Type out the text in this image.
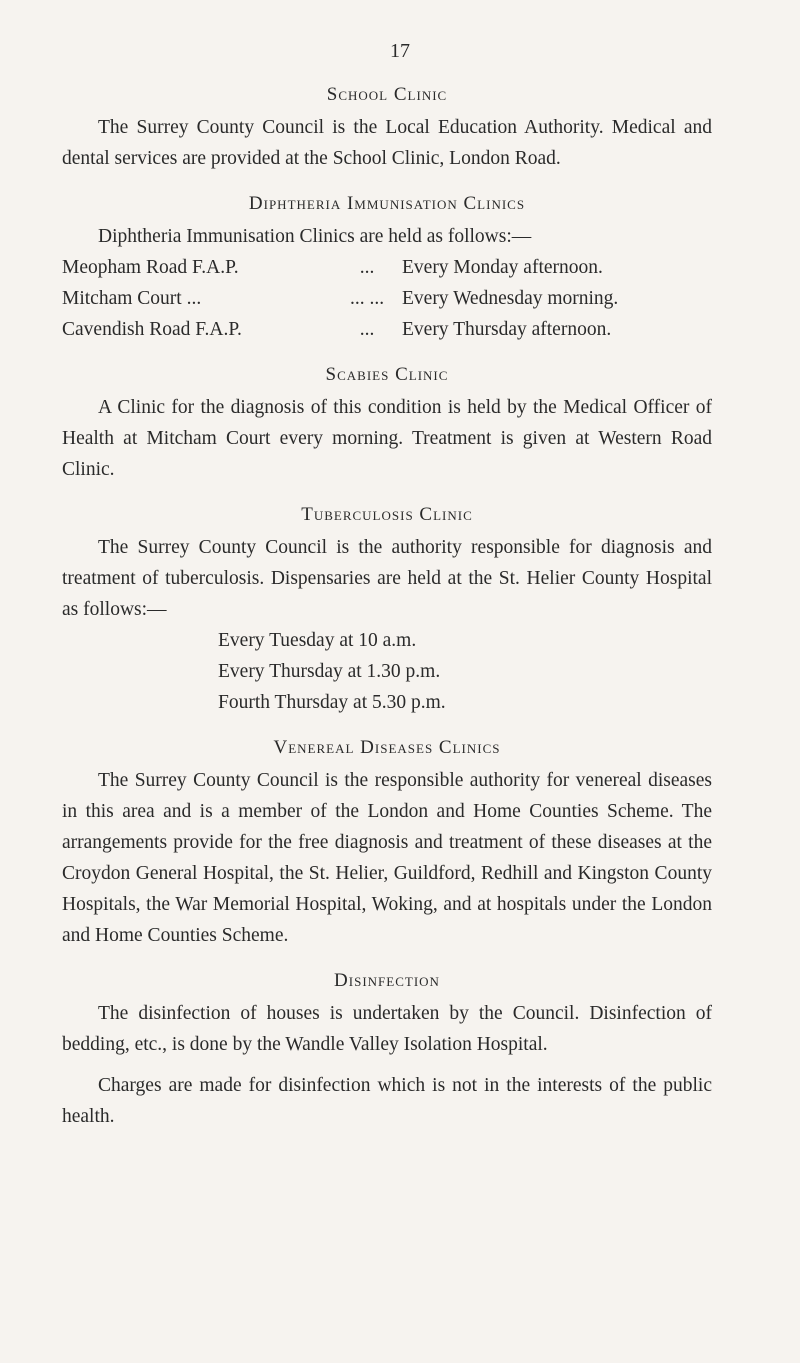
17
School Clinic

The Surrey County Council is the Local Education Authority. Medical and dental services are provided at the School Clinic, London Road.

Diphtheria Immunisation Clinics

Diphtheria Immunisation Clinics are held as follows:—

Meopham Road F.A.P.	...	Every Monday afternoon.
Mitcham Court ...	... ... Every Wednesday morning.
Cavendish Road F.A.P.	...	Every Thursday afternoon.
Scabies Clinic

A Clinic for the diagnosis of this condition is held by the Medical Officer of Health at Mitcham Court every morning. Treatment is given at Western Road Clinic.

Tuberculosis Clinic

The Surrey County Council is the authority responsible for diagnosis and treatment of tuberculosis. Dispensaries are held at the St. Helier County Hospital as follows:—

Every Tuesday at 10 a.m.
Every Thursday at 1.30 p.m.
Fourth Thursday at 5.30 p.m.
Venereal Diseases Clinics

The Surrey County Council is the responsible authority for venereal diseases in this area and is a member of the London and Home Counties Scheme. The arrangements provide for the free diagnosis and treatment of these diseases at the Croydon General Hospital, the St. Helier, Guildford, Redhill and Kingston County Hospitals, the War Memorial Hospital, Woking, and at hospitals under the London and Home Counties Scheme.

Disinfection

The disinfection of houses is undertaken by the Council. Disinfection of bedding, etc., is done by the Wandle Valley Isolation Hospital.

Charges are made for disinfection which is not in the interests of the public health.
